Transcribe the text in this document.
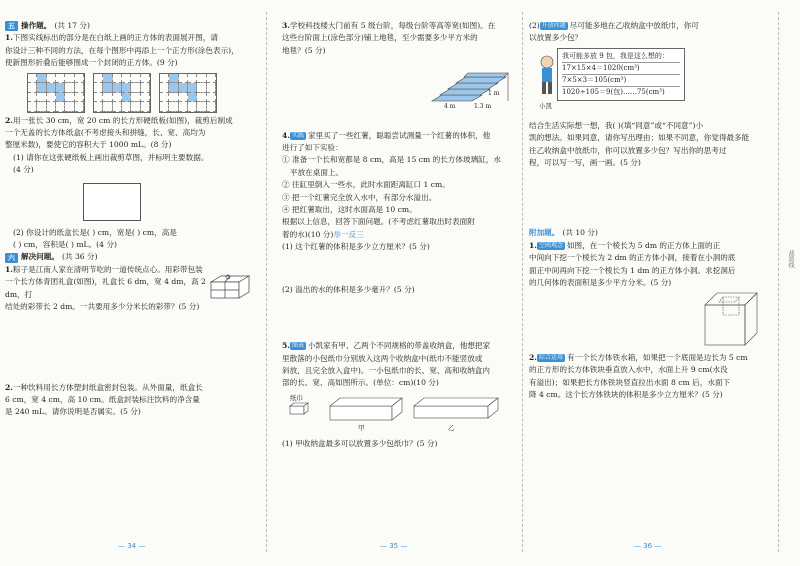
五 操作题。 (共 17 分)

1.下图实线标出的部分是在白纸上画的正方体的表面展开图，请
你设计三种不同的方法，在每个图形中再添上一个正方形(涂色表示)，
使新图形折叠后能够围成一个封闭的正方体。(9 分)

2.用一张长 30 cm，宽 20 cm 的长方形硬纸板(如图)，裁剪后制成
一个无盖的长方体纸盒(不考虑接头和拼缝，长、宽、高均为
整厘米数)，要使它的容积大于 1000 mL。(8 分)
(1) 请你在这张硬纸板上画出裁剪草图，并标明主要数据。
(4 分)

(2) 你设计的纸盒长是( ) cm，宽是( ) cm，高是
( ) cm，容积是( ) mL。(4 分)

六 解决问题。 (共 36 分)

1.粽子是江南人家在清明节吃的一道传统点心。用彩带包装
一个长方体青团礼盒(如图)，礼盒长 6 dm，宽 4 dm，高 2 dm，打
结处的彩带长 2 dm。一共要用多少分米长的彩带？(5 分)

2.一种饮料用长方体塑封纸盒密封包装。从外面量，纸盒长
6 cm，宽 4 cm，高 10 cm。纸盒封装标注饮料的净含量
是 240 mL。请你说明是否属实。(5 分)

— 34 —

3.学校科技楼大门前有 5 级台阶，每级台阶等高等宽(如图)。在
这些台阶面上(涂色部分)铺上地毯，至少需要多少平方米的
地毯？(5 分)

1 m
4 m	1.3 m

4. 实践 家里买了一些红薯，聪聪尝试测量一个红薯的体积，他
进行了如下实验：
① 准备一个长和宽都是 8 cm，高是 15 cm 的长方体玻璃缸，水
平放在桌面上。
② 往缸里倒入一些水，此时水面距离缸口 1 cm。
③ 把一个红薯完全放入水中，有部分水溢出。
④ 把红薯取出，这时水面高是 10 cm。
根据以上信息，回答下面问题。(不考虑红薯取出时表面附
着的水)(10 分)举一反三
(1) 这个红薯的体积是多少立方厘米？(5 分)

(2) 溢出的水的体积是多少毫升？(5 分)

5. 图表 小凯家有甲、乙两个不同规格的带盖收纳盒，他想把家
里散落的小包纸巾分别放入这两个收纳盒中(纸巾不能竖放或
斜放，且完全放入盒中)。一小包纸巾的长、宽、高和收纳盒内
部的长、宽、高如图所示。(单位：cm)(10 分)

纸巾
甲	乙

(1) 甲收纳盒最多可以放置多少包纸巾？(5 分)

— 35 —

(2) 开放问题 尽可能多地在乙收纳盒中放纸巾，你可
以放置多少包？

小凯
我可能多放 9 包，我是这么想的：
17×15×4＝1020(cm³)
7×5×3＝105(cm³)
1020÷105＝9(包)……75(cm³)

结合生活实际想一想，我( )(填“同意”或“不同意”)小
凯的想法。如果同意，请你写出理由；如果不同意，你觉得最多能
往乙收纳盒中放纸巾，你可以放置多少包？写出你的思考过
程，可以写一写，画一画。(5 分)

附加题。 (共 10 分)

1. 空间观念 如图，在一个棱长为 5 dm 的正方体上面的正
中间向下挖一个棱长为 2 dm 的正方体小洞，接着在小洞的底
面正中间再向下挖一个棱长为 1 dm 的正方体小洞。求挖洞后
的几何体的表面积是多少平方分米。(5 分)

2. 综合运用 有一个长方体铁水箱，如果把一个底面是边长为 5 cm
的正方形的长方体铁块垂直放入水中，水面上升 9 cm(水没
有溢出)；如果把长方体铁块竖直拉出水面 8 cm 后，水面下
降 4 cm。这个长方体铁块的体积是多少立方厘米？(5 分)

— 36 —
裁剪线
